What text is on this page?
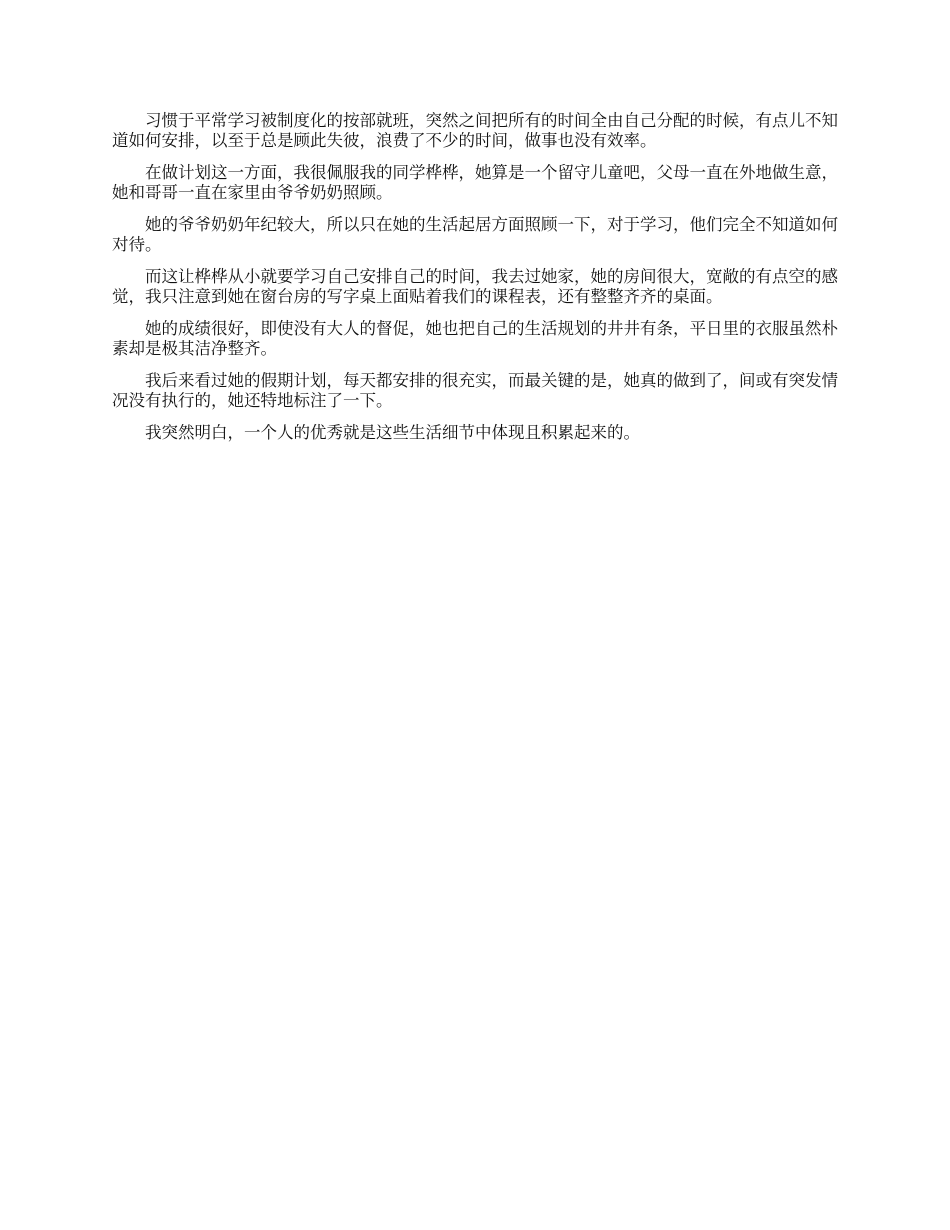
习惯于平常学习被制度化的按部就班，突然之间把所有的时间全由自己分配的时候，有点儿不知道如何安排，以至于总是顾此失彼，浪费了不少的时间，做事也没有效率。

在做计划这一方面，我很佩服我的同学桦桦，她算是一个留守儿童吧，父母一直在外地做生意，她和哥哥一直在家里由爷爷奶奶照顾。

她的爷爷奶奶年纪较大，所以只在她的生活起居方面照顾一下，对于学习，他们完全不知道如何对待。

而这让桦桦从小就要学习自己安排自己的时间，我去过她家，她的房间很大，宽敞的有点空的感觉，我只注意到她在窗台房的写字桌上面贴着我们的课程表，还有整整齐齐的桌面。

她的成绩很好，即使没有大人的督促，她也把自己的生活规划的井井有条，平日里的衣服虽然朴素却是极其洁净整齐。

我后来看过她的假期计划，每天都安排的很充实，而最关键的是，她真的做到了，间或有突发情况没有执行的，她还特地标注了一下。

我突然明白，一个人的优秀就是这些生活细节中体现且积累起来的。
